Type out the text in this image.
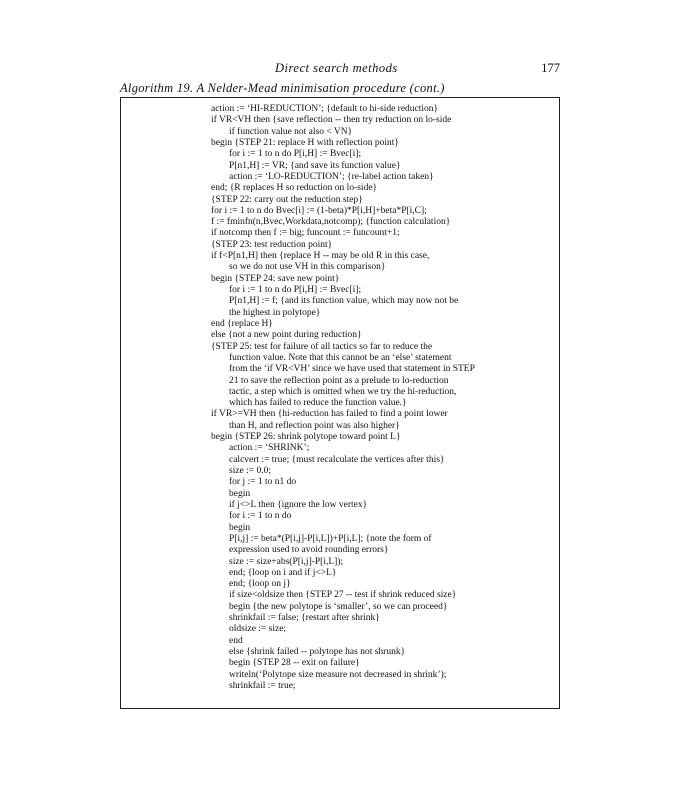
Direct search methods	177
Algorithm 19. A Nelder-Mead minimisation procedure (cont.)
action := ‘HI-REDUCTION’; {default to hi-side reduction}
if VR<VH then {save reflection -- then try reduction on lo-side
if function value not also < VN}
begin {STEP 21: replace H with reflection point}
for i := 1 to n do P[i,H] := Bvec[i];
P[n1,H] := VR; {and save its function value}
action := ‘LO-REDUCTION’; {re-label action taken}
end; {R replaces H so reduction on lo-side}
{STEP 22: carry out the reduction step}
for i := 1 to n do Bvec[i] := (1-beta)*P[i,H]+beta*P[i,C];
f := fminfn(n,Bvec,Workdata,notcomp); {function calculation}
if notcomp then f := big; funcount := funcount+1;
{STEP 23: test reduction point}
if f<P[n1,H] then {replace H -- may be old R in this case,
so we do not use VH in this comparison}
begin {STEP 24: save new point}
for i := 1 to n do P[i,H] := Bvec[i];
P[n1,H] := f; {and its function value, which may now not be
the highest in polytope}
end {replace H}
else {not a new point during reduction}
{STEP 25: test for failure of all tactics so far to reduce the
function value. Note that this cannot be an ‘else’ statement
from the ‘if VR<VH’ since we have used that statement in STEP
21 to save the reflection point as a prelude to lo-reduction
tactic, a step which is omitted when we try the hi-reduction,
which has failed to reduce the function value.}
if VR>=VH then {hi-reduction has failed to find a point lower
than H, and reflection point was also higher}
begin {STEP 26: shrink polytope toward point L}
action := ‘SHRINK’;
calcvert := true; {must recalculate the vertices after this}
size := 0.0;
for j := 1 to n1 do
begin
if j<>L then {ignore the low vertex}
for i := 1 to n do
begin
P[i,j] := beta*(P[i,j]-P[i,L])+P[i,L]; {note the form of
expression used to avoid rounding errors}
size := size+abs(P[i,j]-P[i,L]);
end; {loop on i and if j<>L}
end; {loop on j}
if size<oldsize then {STEP 27 -- test if shrink reduced size}
begin {the new polytope is ‘smaller’, so we can proceed}
shrinkfail := false; {restart after shrink}
oldsize := size;
end
else {shrink failed -- polytope has not shrunk}
begin {STEP 28 -- exit on failure}
writeln(‘Polytope size measure not decreased in shrink’);
shrinkfail := true;
